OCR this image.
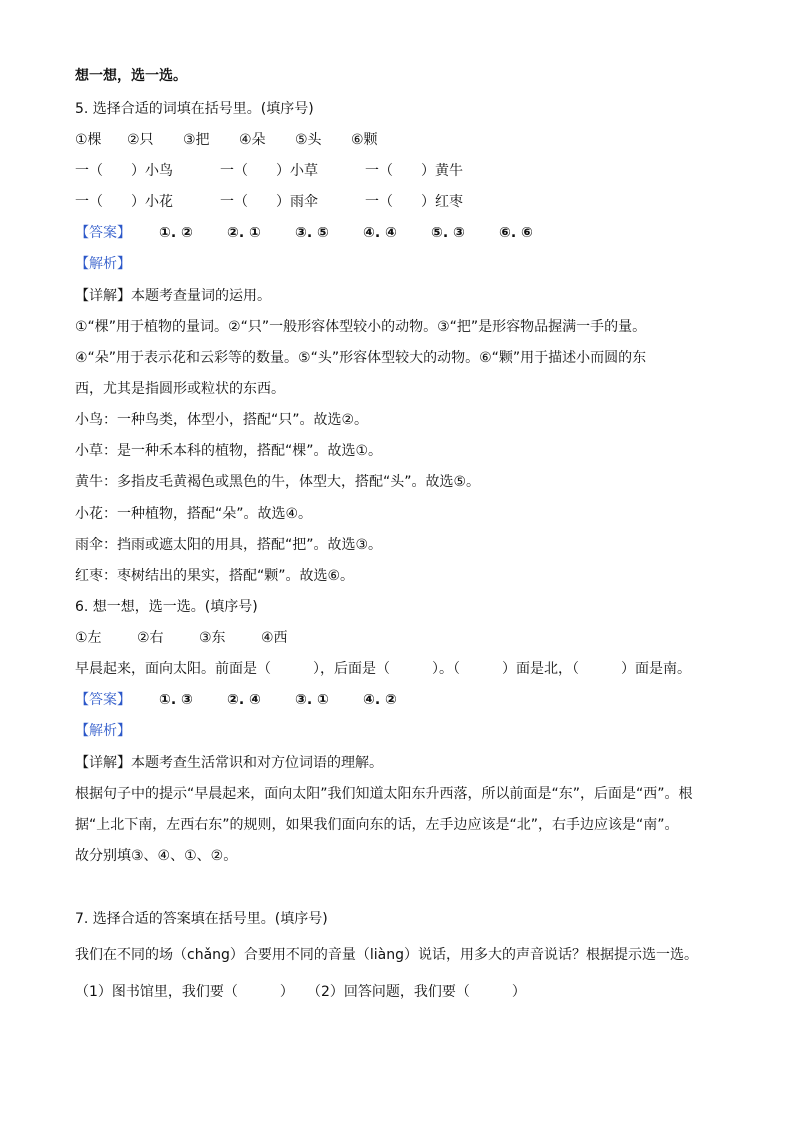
想一想，选一选。
5. 选择合适的词填在括号里。(填序号)
①棵 ②只 ③把 ④朵 ⑤头 ⑥颗
一（　　）小鸟	一（　　）小草	一（　　）黄牛
一（　　）小花	一（　　）雨伞	一（　　）红枣
【答案】 ①. ② ②. ① ③. ⑤ ④. ④ ⑤. ③ ⑥. ⑥
【解析】
【详解】本题考查量词的运用。
①“棵”用于植物的量词。②“只”一般形容体型较小的动物。③“把”是形容物品握满一手的量。
④“朵”用于表示花和云彩等的数量。⑤“头”形容体型较大的动物。⑥“颗”用于描述小而圆的东
西，尤其是指圆形或粒状的东西。
小鸟：一种鸟类，体型小，搭配“只”。故选②。
小草：是一种禾本科的植物，搭配“棵”。故选①。
黄牛：多指皮毛黄褐色或黑色的牛，体型大，搭配“头”。故选⑤。
小花：一种植物，搭配“朵”。故选④。
雨伞：挡雨或遮太阳的用具，搭配“把”。故选③。
红枣：枣树结出的果实，搭配“颗”。故选⑥。
6. 想一想，选一选。(填序号)
①左	②右	③东	④西
早晨起来，面向太阳。前面是（　　　），后面是（　　　）。（　　　）面是北，（　　　）面是南。
【答案】 ①. ③ ②. ④ ③. ① ④. ②
【解析】
【详解】本题考查生活常识和对方位词语的理解。
根据句子中的提示“早晨起来，面向太阳”我们知道太阳东升西落，所以前面是“东”，后面是“西”。根
据“上北下南，左西右东”的规则，如果我们面向东的话，左手边应该是“北”，右手边应该是“南”。
故分别填③、④、①、②。
7. 选择合适的答案填在括号里。(填序号)
我们在不同的场（chǎng）合要用不同的音量（liàng）说话，用多大的声音说话？根据提示选一选。
（1）图书馆里，我们要（　　　） （2）回答问题，我们要（　　　）
